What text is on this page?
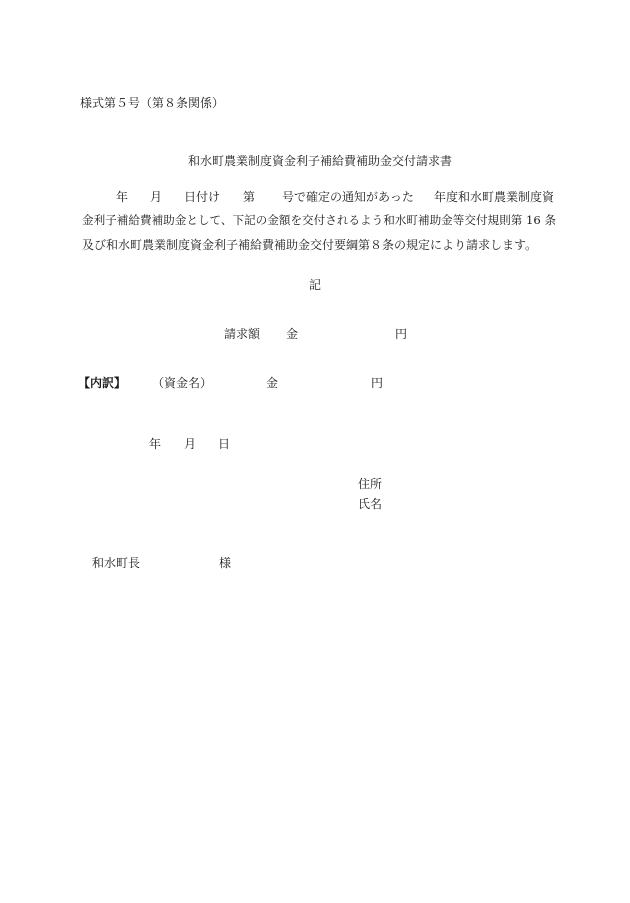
様式第５号（第８条関係）
和水町農業制度資金利子補給費補助金交付請求書
年 月 日付け 第 号で確定の通知があった 年度和水町農業制度資
金利子補給費補助金として、下記の金額を交付されるよう和水町補助金等交付規則第 16 条
及び和水町農業制度資金利子補給費補助金交付要綱第８条の規定により請求します。
記
請求額 金	円
【内訳】 （資金名）	金	円
年 月 日
住所
氏名
和水町長	様
